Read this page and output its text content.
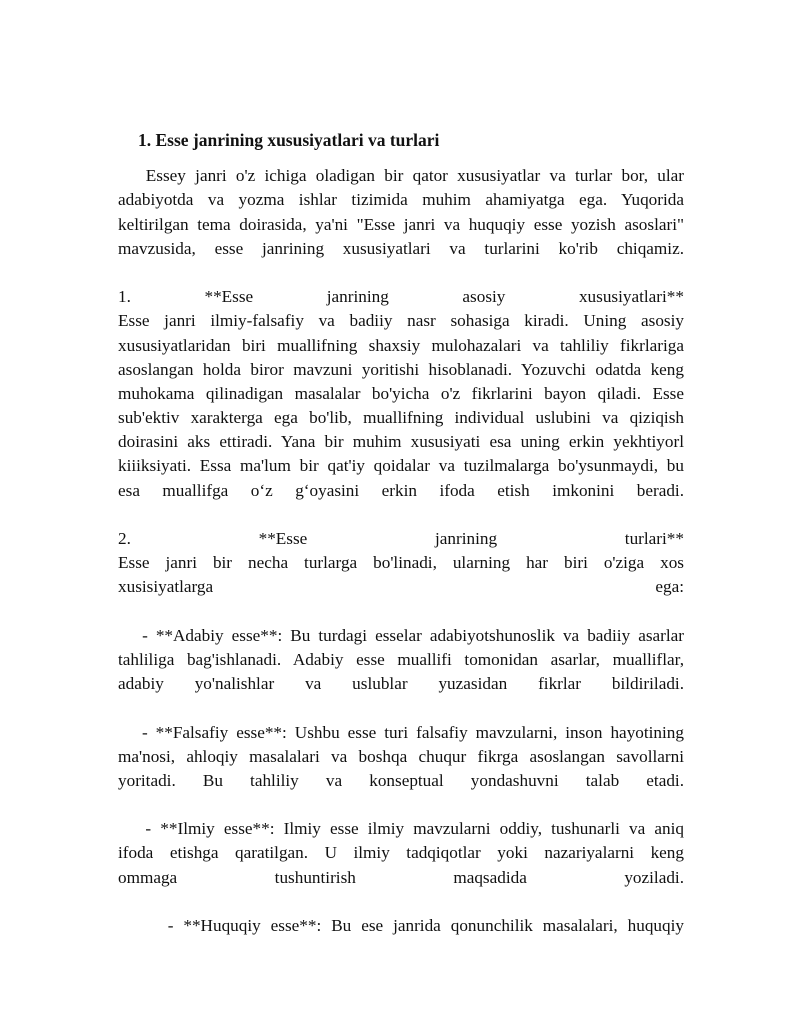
1. Esse janrining xususiyatlari va turlari
Essey janri o'z ichiga oladigan bir qator xususiyatlar va turlar bor, ular
adabiyotda va yozma ishlar tizimida muhim ahamiyatga ega. Yuqorida
keltirilgan tema doirasida, ya'ni "Esse janri va huquqiy esse yozish asoslari"
mavzusida, esse janrining xususiyatlari va turlarini ko'rib chiqamiz.
1. **Esse janrining asosiy xususiyatlari**
Esse janri ilmiy-falsafiy va badiiy nasr sohasiga kiradi. Uning asosiy
xususiyatlaridan biri muallifning shaxsiy mulohazalari va tahliliy fikrlariga
asoslangan holda biror mavzuni yoritishi hisoblanadi. Yozuvchi odatda keng
muhokama qilinadigan masalalar bo'yicha o'z fikrlarini bayon qiladi. Esse
sub'ektiv xarakterga ega bo'lib, muallifning individual uslubini va qiziqish
doirasini aks ettiradi. Yana bir muhim xususiyati esa uning erkin yekhtiyorl
kiiiksiyati. Essa ma'lum bir qat'iy qoidalar va tuzilmalarga bo'ysunmaydi, bu
esa muallifga o‘z g‘oyasini erkin ifoda etish imkonini beradi.
2. **Esse janrining turlari**
Esse janri bir necha turlarga bo'linadi, ularning har biri o'ziga xos
xusisiyatlarga ega:
- **Adabiy esse**: Bu turdagi esselar adabiyotshunoslik va badiiy asarlar
tahliliga bag'ishlanadi. Adabiy esse muallifi tomonidan asarlar, mualliflar,
adabiy yo'nalishlar va uslublar yuzasidan fikrlar bildiriladi.
- **Falsafiy esse**: Ushbu esse turi falsafiy mavzularni, inson hayotining
ma'nosi, ahloqiy masalalari va boshqa chuqur fikrga asoslangan savollarni
yoritadi. Bu tahliliy va konseptual yondashuvni talab etadi.
- **Ilmiy esse**: Ilmiy esse ilmiy mavzularni oddiy, tushunarli va aniq
ifoda etishga qaratilgan. U ilmiy tadqiqotlar yoki nazariyalarni keng
ommaga tushuntirish maqsadida yoziladi.
- **Huquqiy esse**: Bu ese janrida qonunchilik masalalari, huquqiy
